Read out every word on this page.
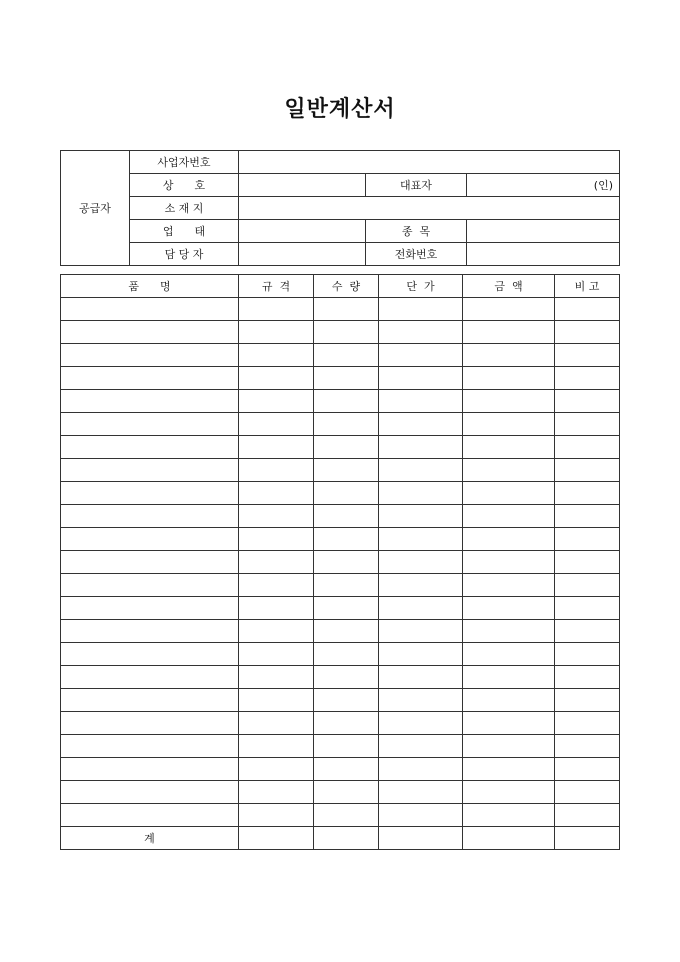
일반계산서
공급자	사업자번호			
	상      호		대표자	(인)
	소 재 지			
	업      태		종  목	
	담 당 자		전화번호	
품      명	규  격	수  량	단  가	금  액	비 고

계					
